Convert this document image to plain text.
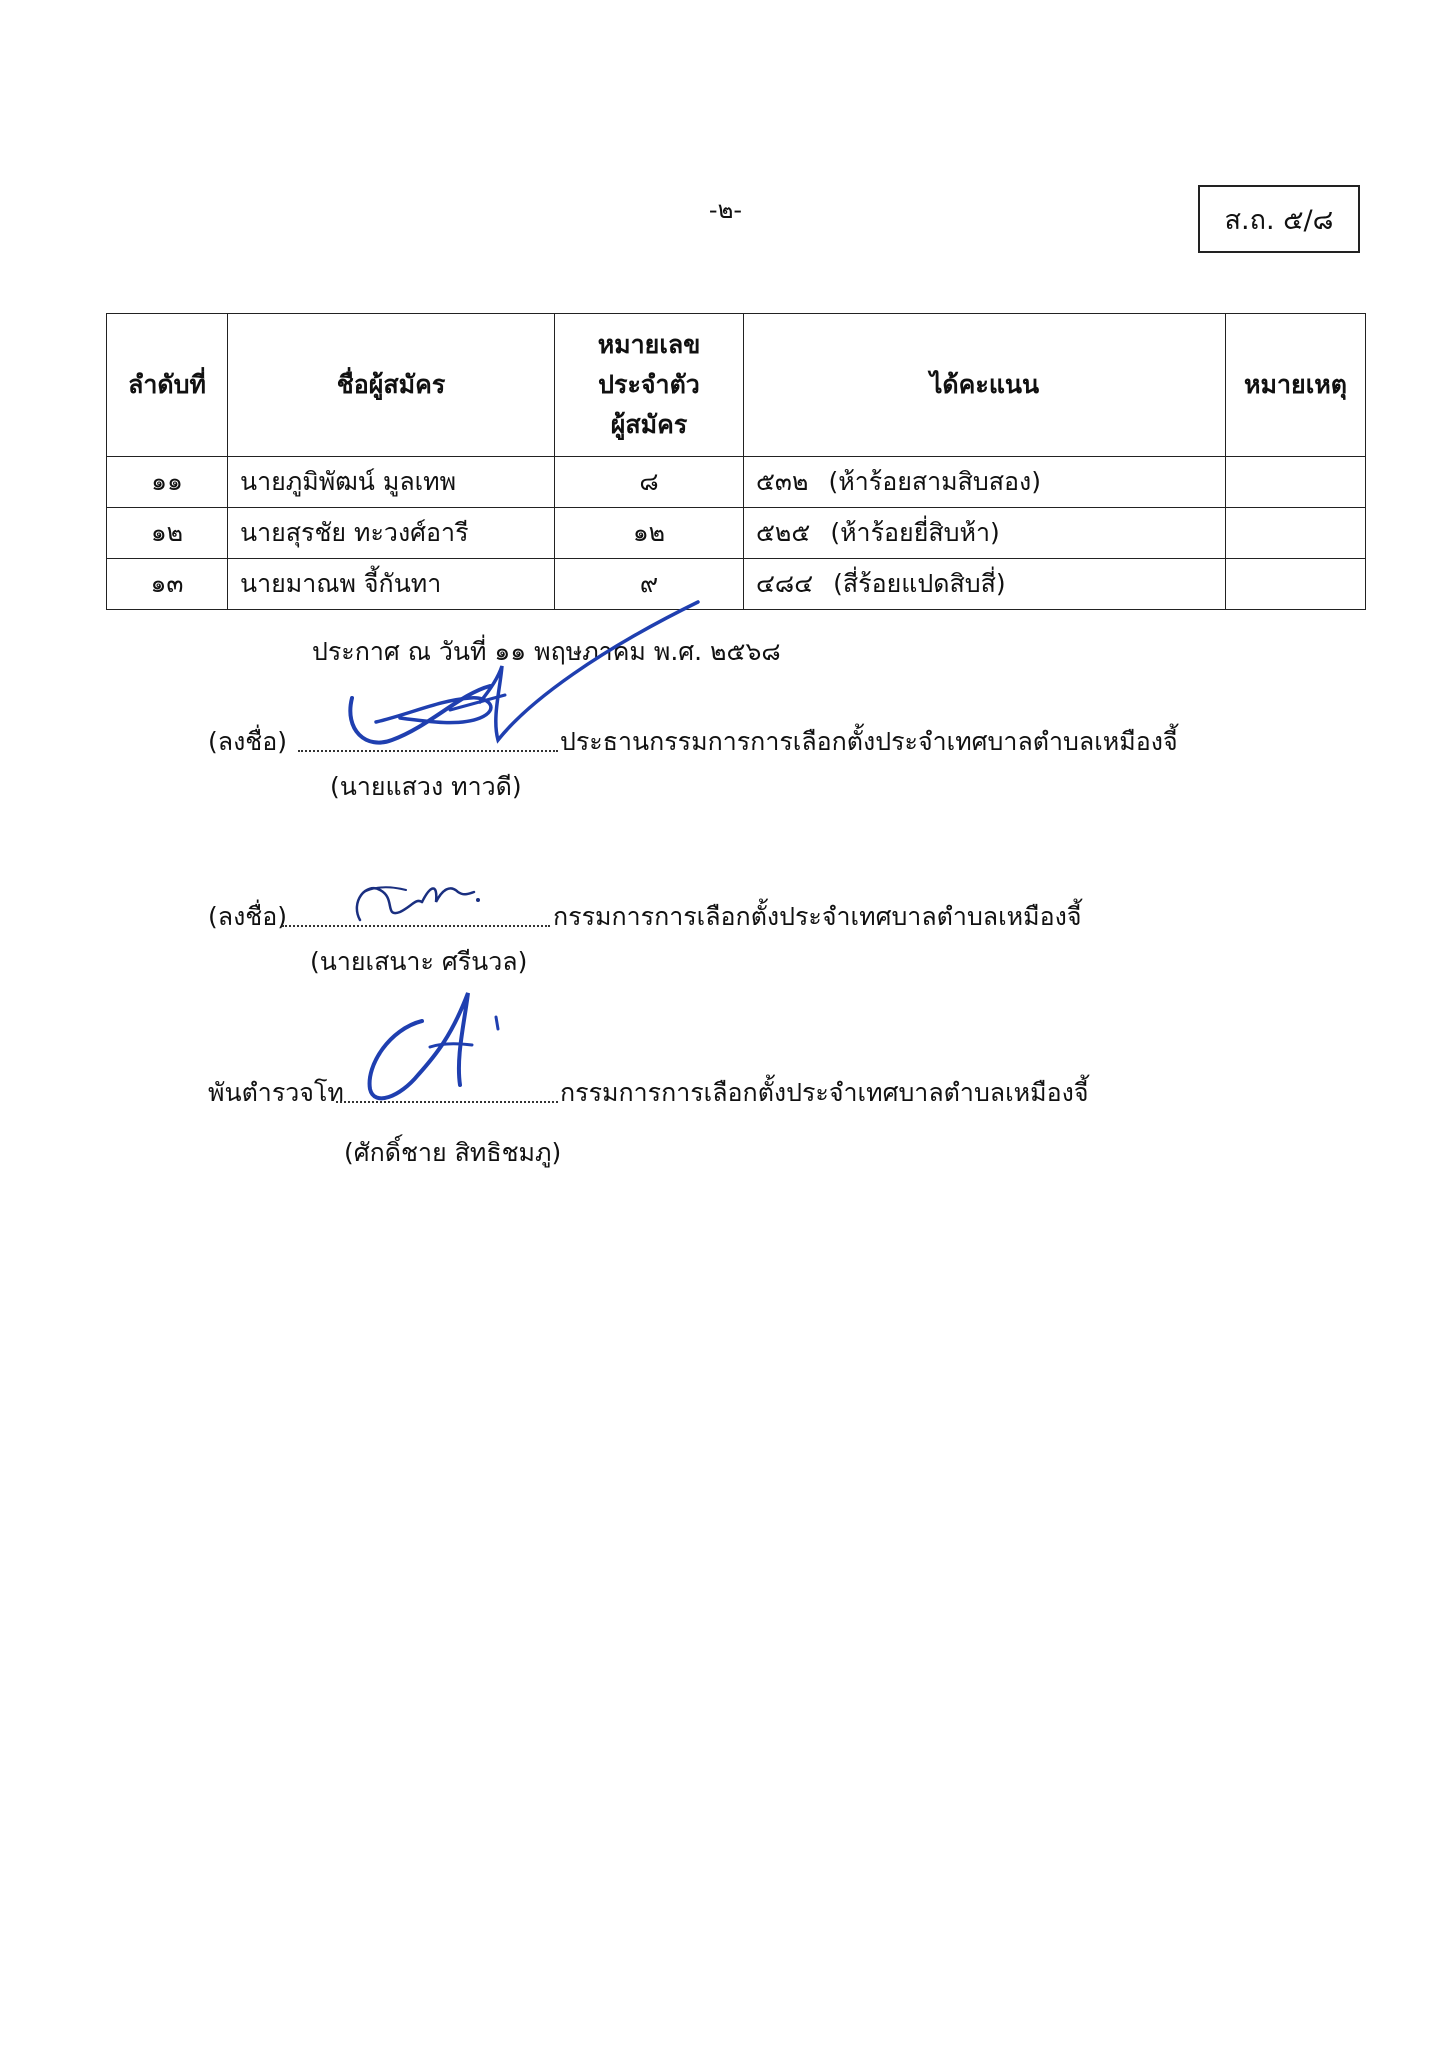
-๒-	ส.ถ. ๕/๘
ลำดับที่	ชื่อผู้สมัคร	หมายเลข
ประจำตัว
ผู้สมัคร	ได้คะแนน	หมายเหตุ
๑๑	นายภูมิพัฒน์ มูลเทพ	๘	๕๓๒ (ห้าร้อยสามสิบสอง)	
๑๒	นายสุรชัย ทะวงศ์อารี	๑๒	๕๒๕ (ห้าร้อยยี่สิบห้า)	
๑๓	นายมาณพ จี้กันทา	๙	๔๘๔ (สี่ร้อยแปดสิบสี่)	
ประกาศ ณ วันที่ ๑๑ พฤษภาคม พ.ศ. ๒๕๖๘
(ลงชื่อ)	ประธานกรรมการการเลือกตั้งประจำเทศบาลตำบลเหมืองจี้
(นายแสวง ทาวดี)
(ลงชื่อ)	กรรมการการเลือกตั้งประจำเทศบาลตำบลเหมืองจี้
(นายเสนาะ ศรีนวล)
พันตำรวจโท	กรรมการการเลือกตั้งประจำเทศบาลตำบลเหมืองจี้
(ศักดิ์ชาย สิทธิชมภู)
